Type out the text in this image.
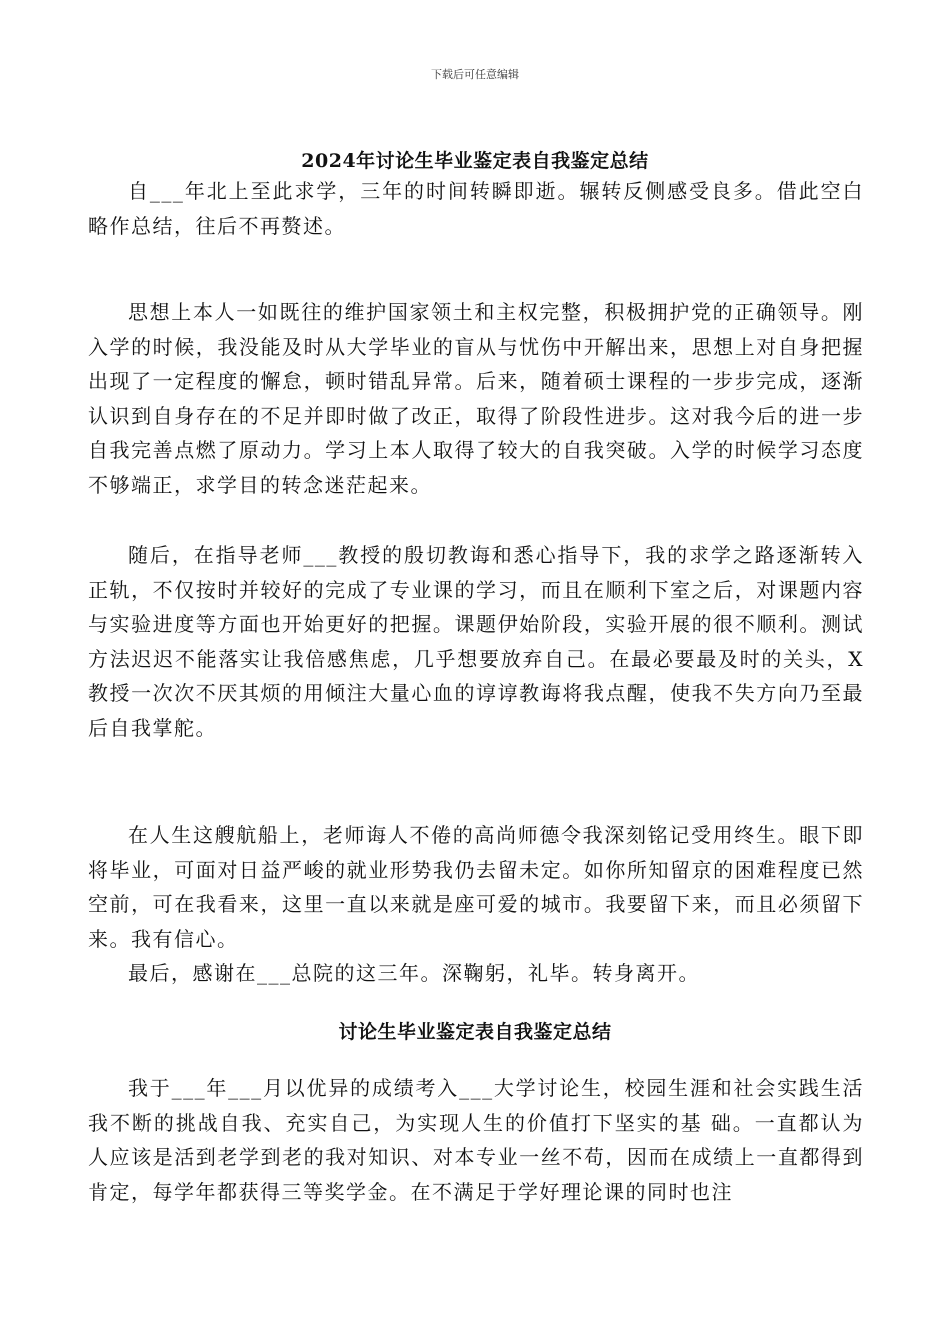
下载后可任意编辑
2024年讨论生毕业鉴定表自我鉴定总结

自___年北上至此求学，三年的时间转瞬即逝。辗转反侧感受良多。借此空白略作总结，往后不再赘述。

思想上本人一如既往的维护国家领土和主权完整，积极拥护党的正确领导。刚入学的时候，我没能及时从大学毕业的盲从与忧伤中开解出来，思想上对自身把握出现了一定程度的懈怠，顿时错乱异常。后来，随着硕士课程的一步步完成，逐渐认识到自身存在的不足并即时做了改正，取得了阶段性进步。这对我今后的进一步自我完善点燃了原动力。学习上本人取得了较大的自我突破。入学的时候学习态度不够端正，求学目的转念迷茫起来。

随后，在指导老师___教授的殷切教诲和悉心指导下，我的求学之路逐渐转入正轨，不仅按时并较好的完成了专业课的学习，而且在顺利下室之后，对课题内容与实验进度等方面也开始更好的把握。课题伊始阶段，实验开展的很不顺利。测试方法迟迟不能落实让我倍感焦虑，几乎想要放弃自己。在最必要最及时的关头，X教授一次次不厌其烦的用倾注大量心血的谆谆教诲将我点醒，使我不失方向乃至最后自我掌舵。

在人生这艘航船上，老师诲人不倦的高尚师德令我深刻铭记受用终生。眼下即将毕业，可面对日益严峻的就业形势我仍去留未定。如你所知留京的困难程度已然空前，可在我看来，这里一直以来就是座可爱的城市。我要留下来，而且必须留下来。我有信心。

最后，感谢在___总院的这三年。深鞠躬，礼毕。转身离开。

讨论生毕业鉴定表自我鉴定总结

我于___年___月以优异的成绩考入___大学讨论生，校园生涯和社会实践生活我不断的挑战自我、充实自己，为实现人生的价值打下坚实的基 础。一直都认为人应该是活到老学到老的我对知识、对本专业一丝不苟，因而在成绩上一直都得到肯定，每学年都获得三等奖学金。在不满足于学好理论课的同时也注
